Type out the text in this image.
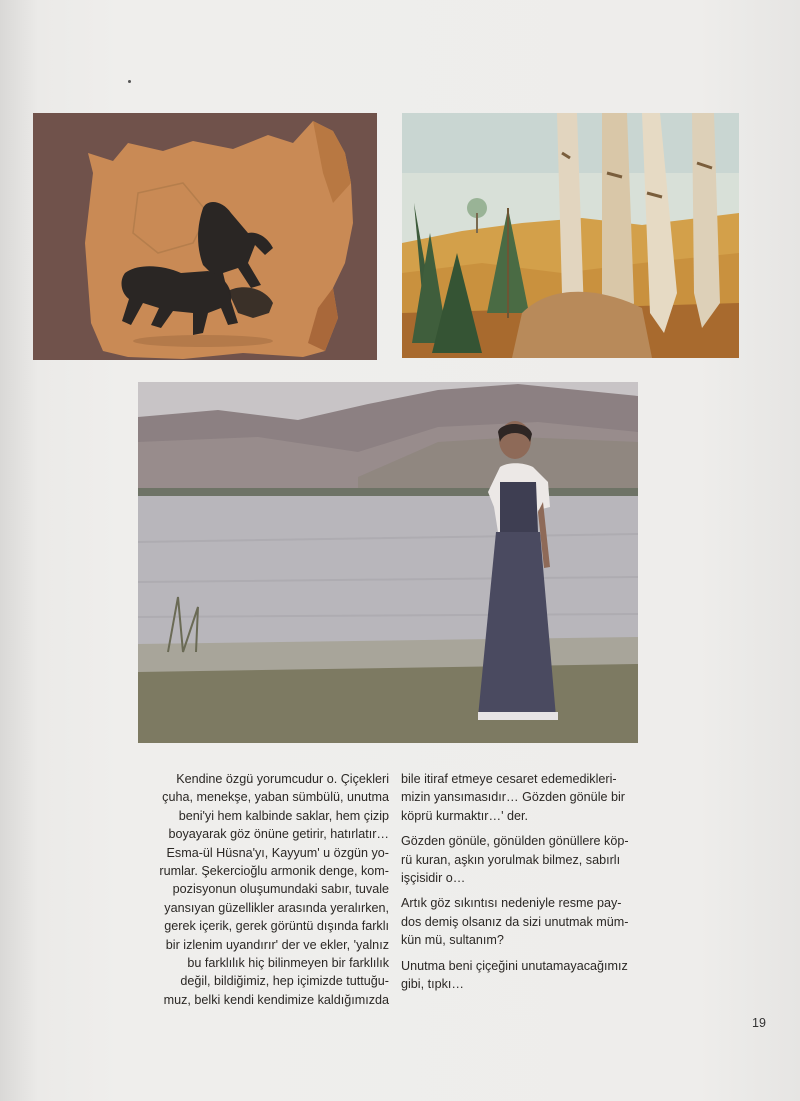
Kendine özgü yorumcudur o. Çiçekleri
çuha, menekşe, yaban sümbülü, unutma
beni'yi hem kalbinde saklar, hem çizip
boyayarak göz önüne getirir, hatırlatır…
Esma-ül Hüsna'yı, Kayyum' u özgün yo-
rumlar. Şekercioğlu armonik denge, kom-
pozisyonun oluşumundaki sabır, tuvale
yansıyan güzellikler arasında yeralırken,
gerek içerik, gerek görüntü dışında farklı
bir izlenim uyandırır' der ve ekler, 'yalnız
bu farklılık hiç bilinmeyen bir farklılık
değil, bildiğimiz, hep içimizde tuttuğu-
muz, belki kendi kendimize kaldığımızda

bile itiraf etmeye cesaret edemedikleri-
mizin yansımasıdır… Gözden gönüle bir
köprü kurmaktır…' der.

Gözden gönüle, gönülden gönüllere köp-
rü kuran, aşkın yorulmak bilmez, sabırlı
işçisidir o…

Artık göz sıkıntısı nedeniyle resme pay-
dos demiş olsanız da sizi unutmak müm-
kün mü, sultanım?

Unutma beni çiçeğini unutamayacağımız
gibi, tıpkı…

19
